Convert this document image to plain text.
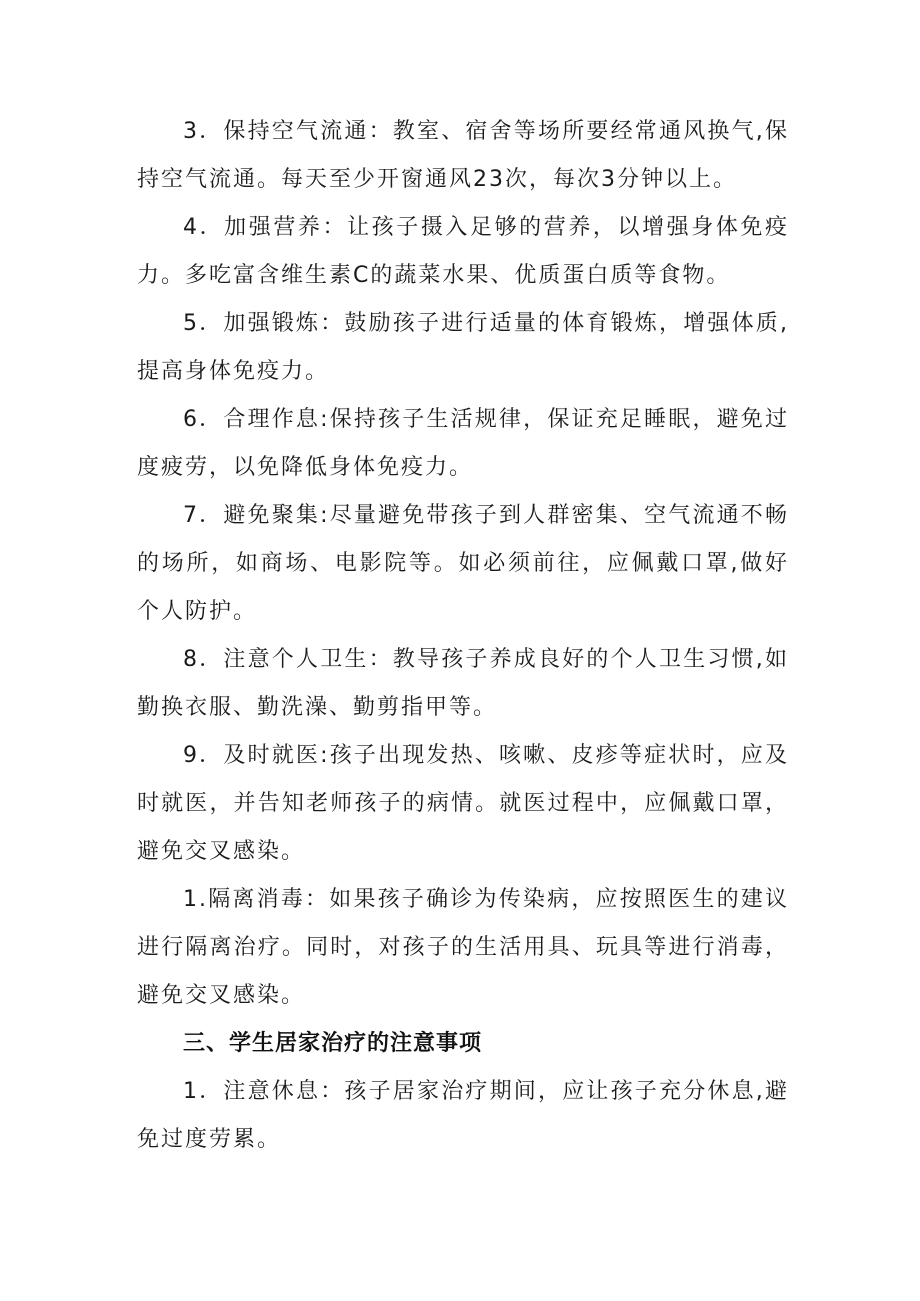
3．保持空气流通：教室、宿舍等场所要经常通风换气,保持空气流通。每天至少开窗通风23次，每次3分钟以上。

4．加强营养：让孩子摄入足够的营养，以增强身体免疫力。多吃富含维生素C的蔬菜水果、优质蛋白质等食物。

5．加强锻炼：鼓励孩子进行适量的体育锻炼，增强体质,提高身体免疫力。

6．合理作息:保持孩子生活规律，保证充足睡眠，避免过度疲劳，以免降低身体免疫力。

7．避免聚集:尽量避免带孩子到人群密集、空气流通不畅的场所，如商场、电影院等。如必须前往，应佩戴口罩,做好个人防护。

8．注意个人卫生：教导孩子养成良好的个人卫生习惯,如勤换衣服、勤洗澡、勤剪指甲等。

9．及时就医:孩子出现发热、咳嗽、皮疹等症状时，应及时就医，并告知老师孩子的病情。就医过程中，应佩戴口罩，避免交叉感染。

1.隔离消毒：如果孩子确诊为传染病，应按照医生的建议进行隔离治疗。同时，对孩子的生活用具、玩具等进行消毒，避免交叉感染。

三、学生居家治疗的注意事项

1．注意休息：孩子居家治疗期间，应让孩子充分休息,避免过度劳累。
